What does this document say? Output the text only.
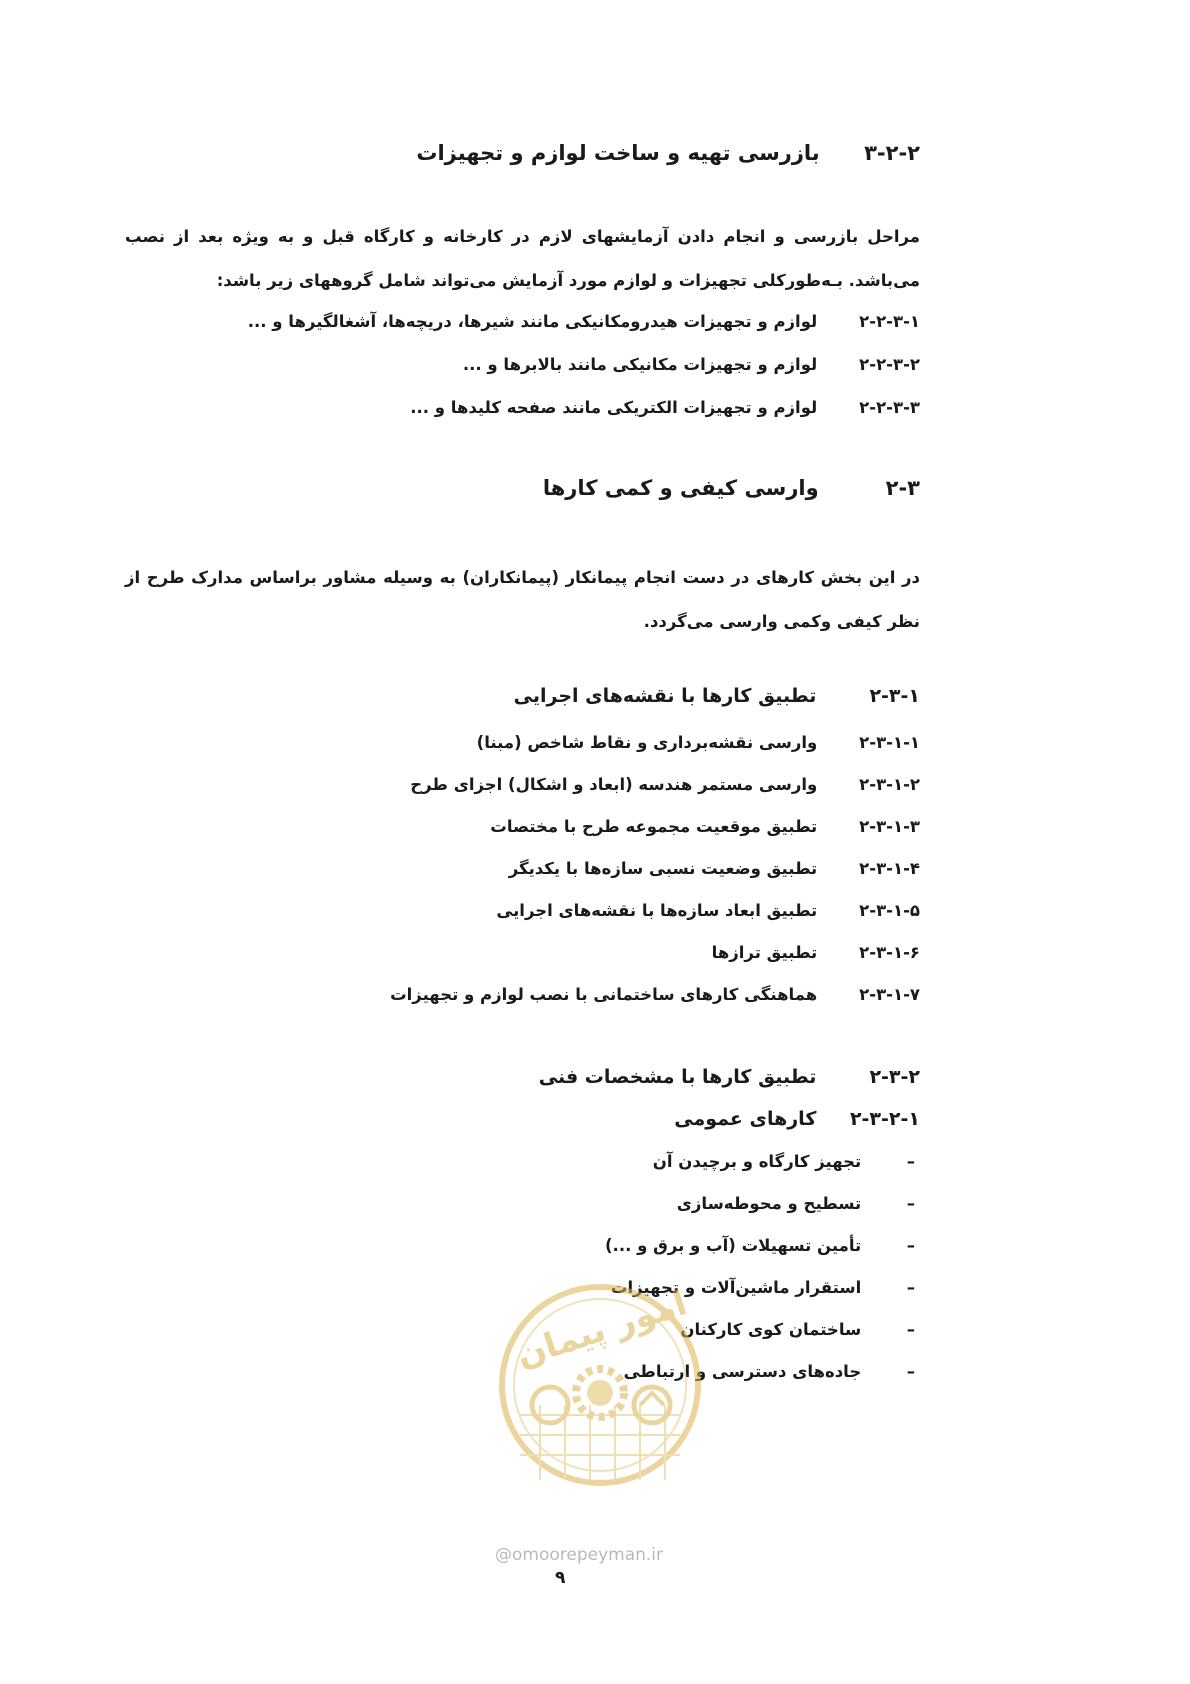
۳-۲-۲ بازرسی تهیه و ساخت لوازم و تجهیزات
مراحل بازرسی و انجام دادن آزمایشهای لازم در کارخانه و کارگاه قبل و به ویژه بعد از نصب می‌باشد. بـه‌طورکلی تجهیزات و لوازم مورد آزمایش می‌تواند شامل گروههای زیر باشد:
۲-۲-۳-۱ لوازم و تجهیزات هیدرومکانیکی مانند شیرها، دریچه‌ها، آشغالگیرها و ...
۲-۲-۳-۲ لوازم و تجهیزات مکانیکی مانند بالابرها و ...
۲-۲-۳-۳ لوازم و تجهیزات الکتریکی مانند صفحه کلیدها و ...
۲-۳ وارسی کیفی و کمی کارها
در این بخش کارهای در دست انجام پیمانکار (پیمانکاران) به وسیله مشاور براساس مدارک طرح از نظر کیفی وکمی وارسی می‌گردد.
۲-۳-۱ تطبیق کارها با نقشه‌های اجرایی
۲-۳-۱-۱ وارسی نقشه‌برداری و نقاط شاخص (مبنا)
۲-۳-۱-۲ وارسی مستمر هندسه (ابعاد و اشکال) اجزای طرح
۲-۳-۱-۳ تطبیق موقعیت مجموعه طرح با مختصات
۲-۳-۱-۴ تطبیق وضعیت نسبی سازه‌ها با یکدیگر
۲-۳-۱-۵ تطبیق ابعاد سازه‌ها با نقشه‌های اجرایی
۲-۳-۱-۶ تطبیق ترازها
۲-۳-۱-۷ هماهنگی کارهای ساختمانی با نصب لوازم و تجهیزات
۲-۳-۲ تطبیق کارها با مشخصات فنی
۲-۳-۲-۱ کارهای عمومی
– تجهیز کارگاه و برچیدن آن
– تسطیح و محوطه‌سازی
– تأمین تسهیلات (آب و برق و ...)
– استقرار ماشین‌آلات و تجهیزات
– ساختمان کوی کارکنان
– جاده‌های دسترسی و ارتباطی
امور پیمان
@omoorepeyman.ir
۹
